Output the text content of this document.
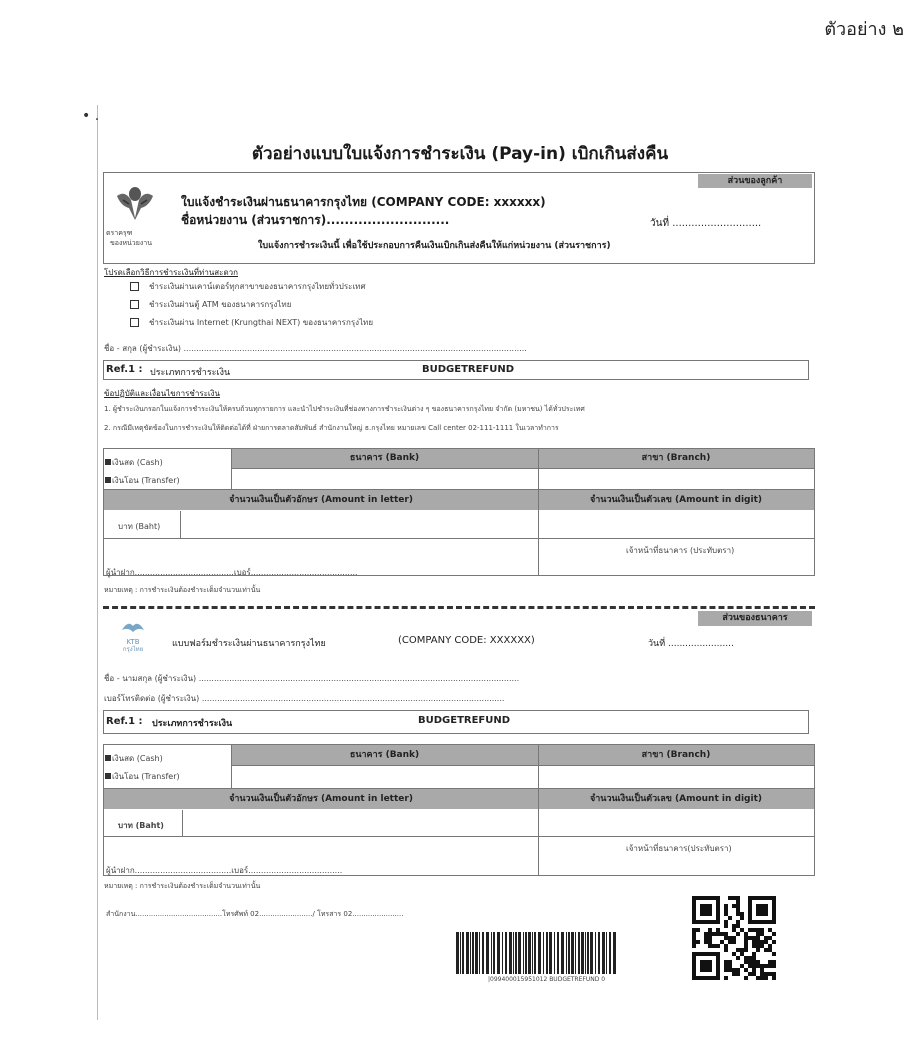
ตัวอย่าง ๒
• .
ตัวอย่างแบบใบแจ้งการชำระเงิน (Pay-in) เบิกเกินส่งคืน
ส่วนของลูกค้า
ตราครุฑ
ของหน่วยงาน
ใบแจ้งชำระเงินผ่านธนาคารกรุงไทย (COMPANY CODE: xxxxxx)
ชื่อหน่วยงาน (ส่วนราชการ)...........................	วันที่ ............................
ใบแจ้งการชำระเงินนี้ เพื่อใช้ประกอบการคืนเงินเบิกเกินส่งคืนให้แก่หน่วยงาน (ส่วนราชการ)
โปรดเลือกวิธีการชำระเงินที่ท่านสะดวก
ชำระเงินผ่านเคาน์เตอร์ทุกสาขาของธนาคารกรุงไทยทั่วประเทศ
ชำระเงินผ่านตู้ ATM ของธนาคารกรุงไทย
ชำระเงินผ่าน Internet (Krungthai NEXT) ของธนาคารกรุงไทย
ชื่อ - สกุล (ผู้ชำระเงิน) .......................................................................................................................................
Ref.1 : ประเภทการชำระเงิน	BUDGETREFUND
ข้อปฏิบัติและเงื่อนไขการชำระเงิน
1. ผู้ชำระเงินกรอกในแจ้งการชำระเงินให้ครบถ้วนทุกรายการ และนำไปชำระเงินที่ช่องทางการชำระเงินต่าง ๆ ของธนาคารกรุงไทย จำกัด (มหาชน) ได้ทั่วประเทศ
2. กรณีมีเหตุขัดข้องในการชำระเงินให้ติดต่อได้ที่ ฝ่ายการตลาดสัมพันธ์ สำนักงานใหญ่ ธ.กรุงไทย หมายเลข Call center 02-111-1111 ในเวลาทำการ
ธนาคาร (Bank)	สาขา (Branch)
เงินสด (Cash)
เงินโอน (Transfer)
จำนวนเงินเป็นตัวอักษร (Amount in letter)	จำนวนเงินเป็นตัวเลข (Amount in digit)
บาท (Baht)
เจ้าหน้าที่ธนาคาร (ประทับตรา)
ผู้นำฝาก.......................................เบอร์..........................................
หมายเหตุ : การชำระเงินต้องชำระเต็มจำนวนเท่านั้น
ส่วนของธนาคาร
KTB
กรุงไทย
แบบฟอร์มชำระเงินผ่านธนาคารกรุงไทย	(COMPANY CODE: XXXXXX)	วันที่ .......................
ชื่อ - นามสกุล (ผู้ชำระเงิน) ..............................................................................................................................
เบอร์โทรติดต่อ (ผู้ชำระเงิน) .......................................................................................................................
Ref.1 : ประเภทการชำระเงิน	BUDGETREFUND
ธนาคาร (Bank)	สาขา (Branch)
เงินสด (Cash)
เงินโอน (Transfer)
จำนวนเงินเป็นตัวอักษร (Amount in letter)	จำนวนเงินเป็นตัวเลข (Amount in digit)
บาท (Baht)
เจ้าหน้าที่ธนาคาร(ประทับตรา)
ผู้นำฝาก......................................เบอร์.....................................
หมายเหตุ : การชำระเงินต้องชำระเต็มจำนวนเท่านั้น
สำนักงาน.......................................โทรศัพท์ 02......................../ โทรสาร 02.......................
|099400015951012 BUDGETREFUND 0
